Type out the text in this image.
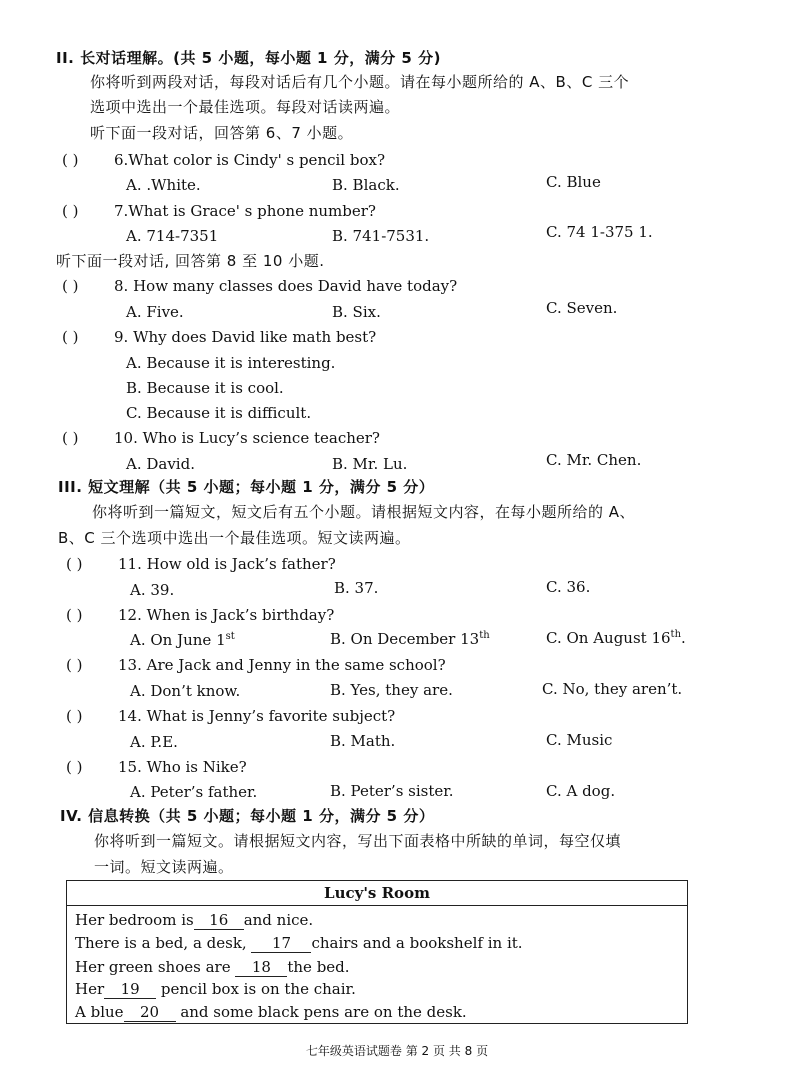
II. 长对话理解。(共 5 小题，每小题 1 分，满分 5 分)
你将听到两段对话，每段对话后有几个小题。请在每小题所给的 A、B、C 三个
选项中选出一个最佳选项。每段对话读两遍。
听下面一段对话，回答第 6、7 小题。
( ) 6.What color is Cindy' s pencil box?
A. .White.	B. Black.	C. Blue
( ) 7.What is Grace' s phone number?
A. 714-7351	B. 741-7531.	C. 74 1-375 1.
听下面一段对话, 回答第 8 至 10 小题.
( ) 8. How many classes does David have today?
A. Five.	B. Six.	C. Seven.
( ) 9. Why does David like math best?
A. Because it is interesting.
B. Because it is cool.
C. Because it is difficult.
( ) 10. Who is Lucy’s science teacher?
A. David.	B. Mr. Lu.	C. Mr. Chen.
III. 短文理解（共 5 小题；每小题 1 分，满分 5 分）
你将听到一篇短文，短文后有五个小题。请根据短文内容，在每小题所给的 A、
B、C 三个选项中选出一个最佳选项。短文读两遍。
( ) 11. How old is Jack’s father?
A. 39.	B. 37.	C. 36.
( ) 12. When is Jack’s birthday?
A. On June 1st	B. On December 13th	C. On August 16th.
( ) 13. Are Jack and Jenny in the same school?
A. Don’t know.	B. Yes, they are.	C. No, they aren’t.
( ) 14. What is Jenny’s favorite subject?
A. P.E.	B. Math.	C. Music
( ) 15. Who is Nike?
A. Peter’s father.	B. Peter’s sister.	C. A dog.
IV. 信息转换（共 5 小题；每小题 1 分，满分 5 分）
你将听到一篇短文。请根据短文内容，写出下面表格中所缺的单词，每空仅填
一词。短文读两遍。
Lucy's Room
Her bedroom is 16 and nice.
There is a bed, a desk, 17 chairs and a bookshelf in it.
Her green shoes are 18 the bed.
Her 19 pencil box is on the chair.
A blue 20 and some black pens are on the desk.
七年级英语试题卷 第 2 页 共 8 页
